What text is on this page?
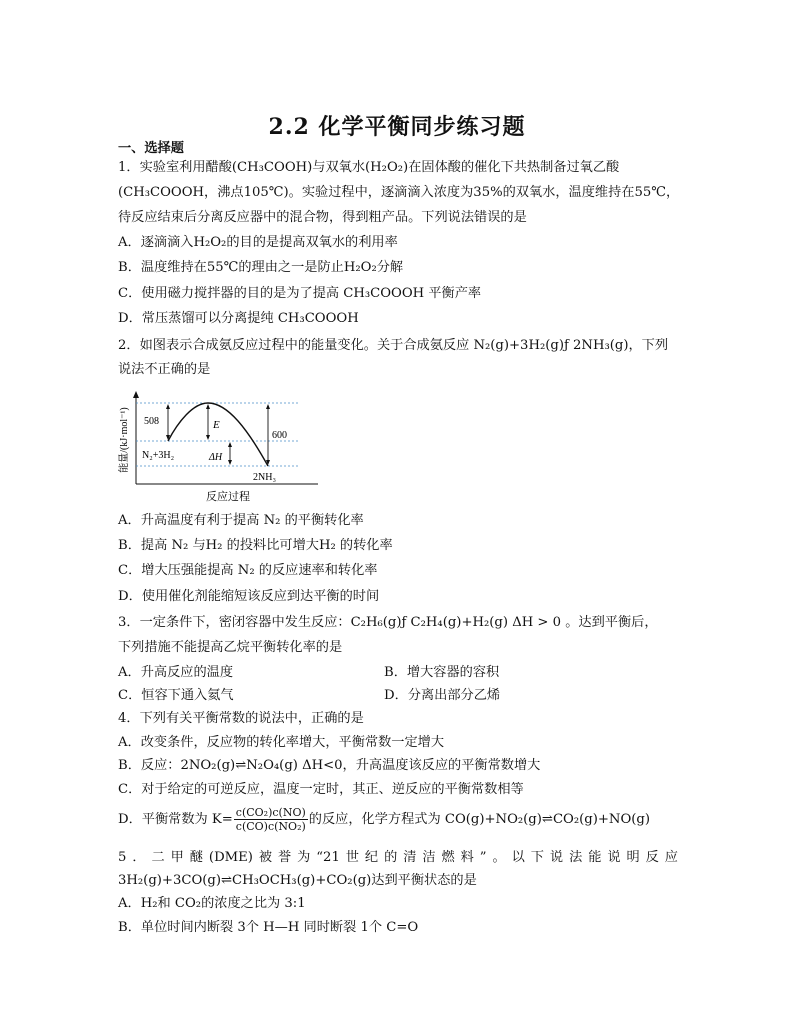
2.2 化学平衡同步练习题
一、选择题
1．实验室利用醋酸(CH₃COOH)与双氧水(H₂O₂)在固体酸的催化下共热制备过氧乙酸
(CH₃COOOH，沸点105℃)。实验过程中，逐滴滴入浓度为35%的双氧水，温度维持在55℃，
待反应结束后分离反应器中的混合物，得到粗产品。下列说法错误的是
A．逐滴滴入H₂O₂的目的是提高双氧水的利用率
B．温度维持在55℃的理由之一是防止H₂O₂分解
C．使用磁力搅拌器的目的是为了提高 CH₃COOOH 平衡产率
D．常压蒸馏可以分离提纯 CH₃COOOH
2．如图表示合成氨反应过程中的能量变化。关于合成氨反应 N₂(g)+3H₂(g)ƒ 2NH₃(g)，下列
说法不正确的是
能量/(kJ·mol⁻¹)
反应过程
508	E
600
N₂+3H₂	ΔH
2NH₃
A．升高温度有利于提高 N₂ 的平衡转化率
B．提高 N₂ 与H₂ 的投料比可增大H₂ 的转化率
C．增大压强能提高 N₂ 的反应速率和转化率
D．使用催化剂能缩短该反应到达平衡的时间
3．一定条件下，密闭容器中发生反应：C₂H₆(g)ƒ C₂H₄(g)+H₂(g) ΔH > 0 。达到平衡后，
下列措施不能提高乙烷平衡转化率的是
A．升高反应的温度	B．增大容器的容积
C．恒容下通入氦气	D．分离出部分乙烯
4．下列有关平衡常数的说法中，正确的是
A．改变条件，反应物的转化率增大，平衡常数一定增大
B．反应：2NO₂(g)⇌N₂O₄(g) ΔH<0，升高温度该反应的平衡常数增大
C．对于给定的可逆反应，温度一定时，其正、逆反应的平衡常数相等
D．平衡常数为 $K= \frac{\text{c(CO₂)c(NO)}}{\text{c(CO)c(NO₂)}}$ 的反应，化学方程式为 CO(g)+NO₂(g)⇌CO₂(g)+NO(g)
5．二甲醚(DME)被誉为“21世纪的清洁燃料”。以下说法能说明反应
3H₂(g)+3CO(g)⇌CH₃OCH₃(g)+CO₂(g)达到平衡状态的是
A．H₂和 CO₂的浓度之比为 3:1
B．单位时间内断裂 3个 H—H 同时断裂 1个 C=O
